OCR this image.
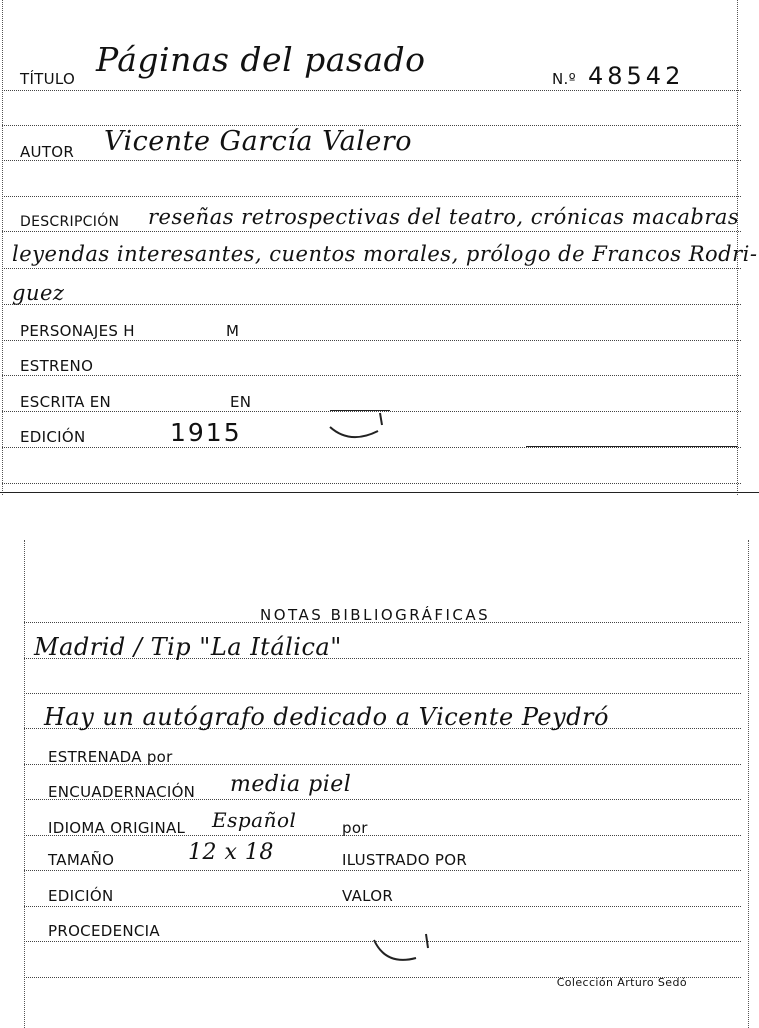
TÍTULO Páginas del pasado	N.º 48542
AUTOR Vicente García Valero
DESCRIPCIÓN reseñas retrospectivas del teatro, crónicas macabras
leyendas interesantes, cuentos morales, prólogo de Francos Rodri-
guez
PERSONAJES H	M
ESTRENO
ESCRITA EN	EN
EDICIÓN	1915
NOTAS BIBLIOGRÁFICAS
Madrid / Tip "La Itálica"
Hay un autógrafo dedicado a Vicente Peydró
ESTRENADA por
ENCUADERNACIÓN media piel
IDIOMA ORIGINAL Español	por
TAMAÑO	12 x 18	ILUSTRADO POR
EDICIÓN	VALOR
PROCEDENCIA
Colección Arturo Sedó
